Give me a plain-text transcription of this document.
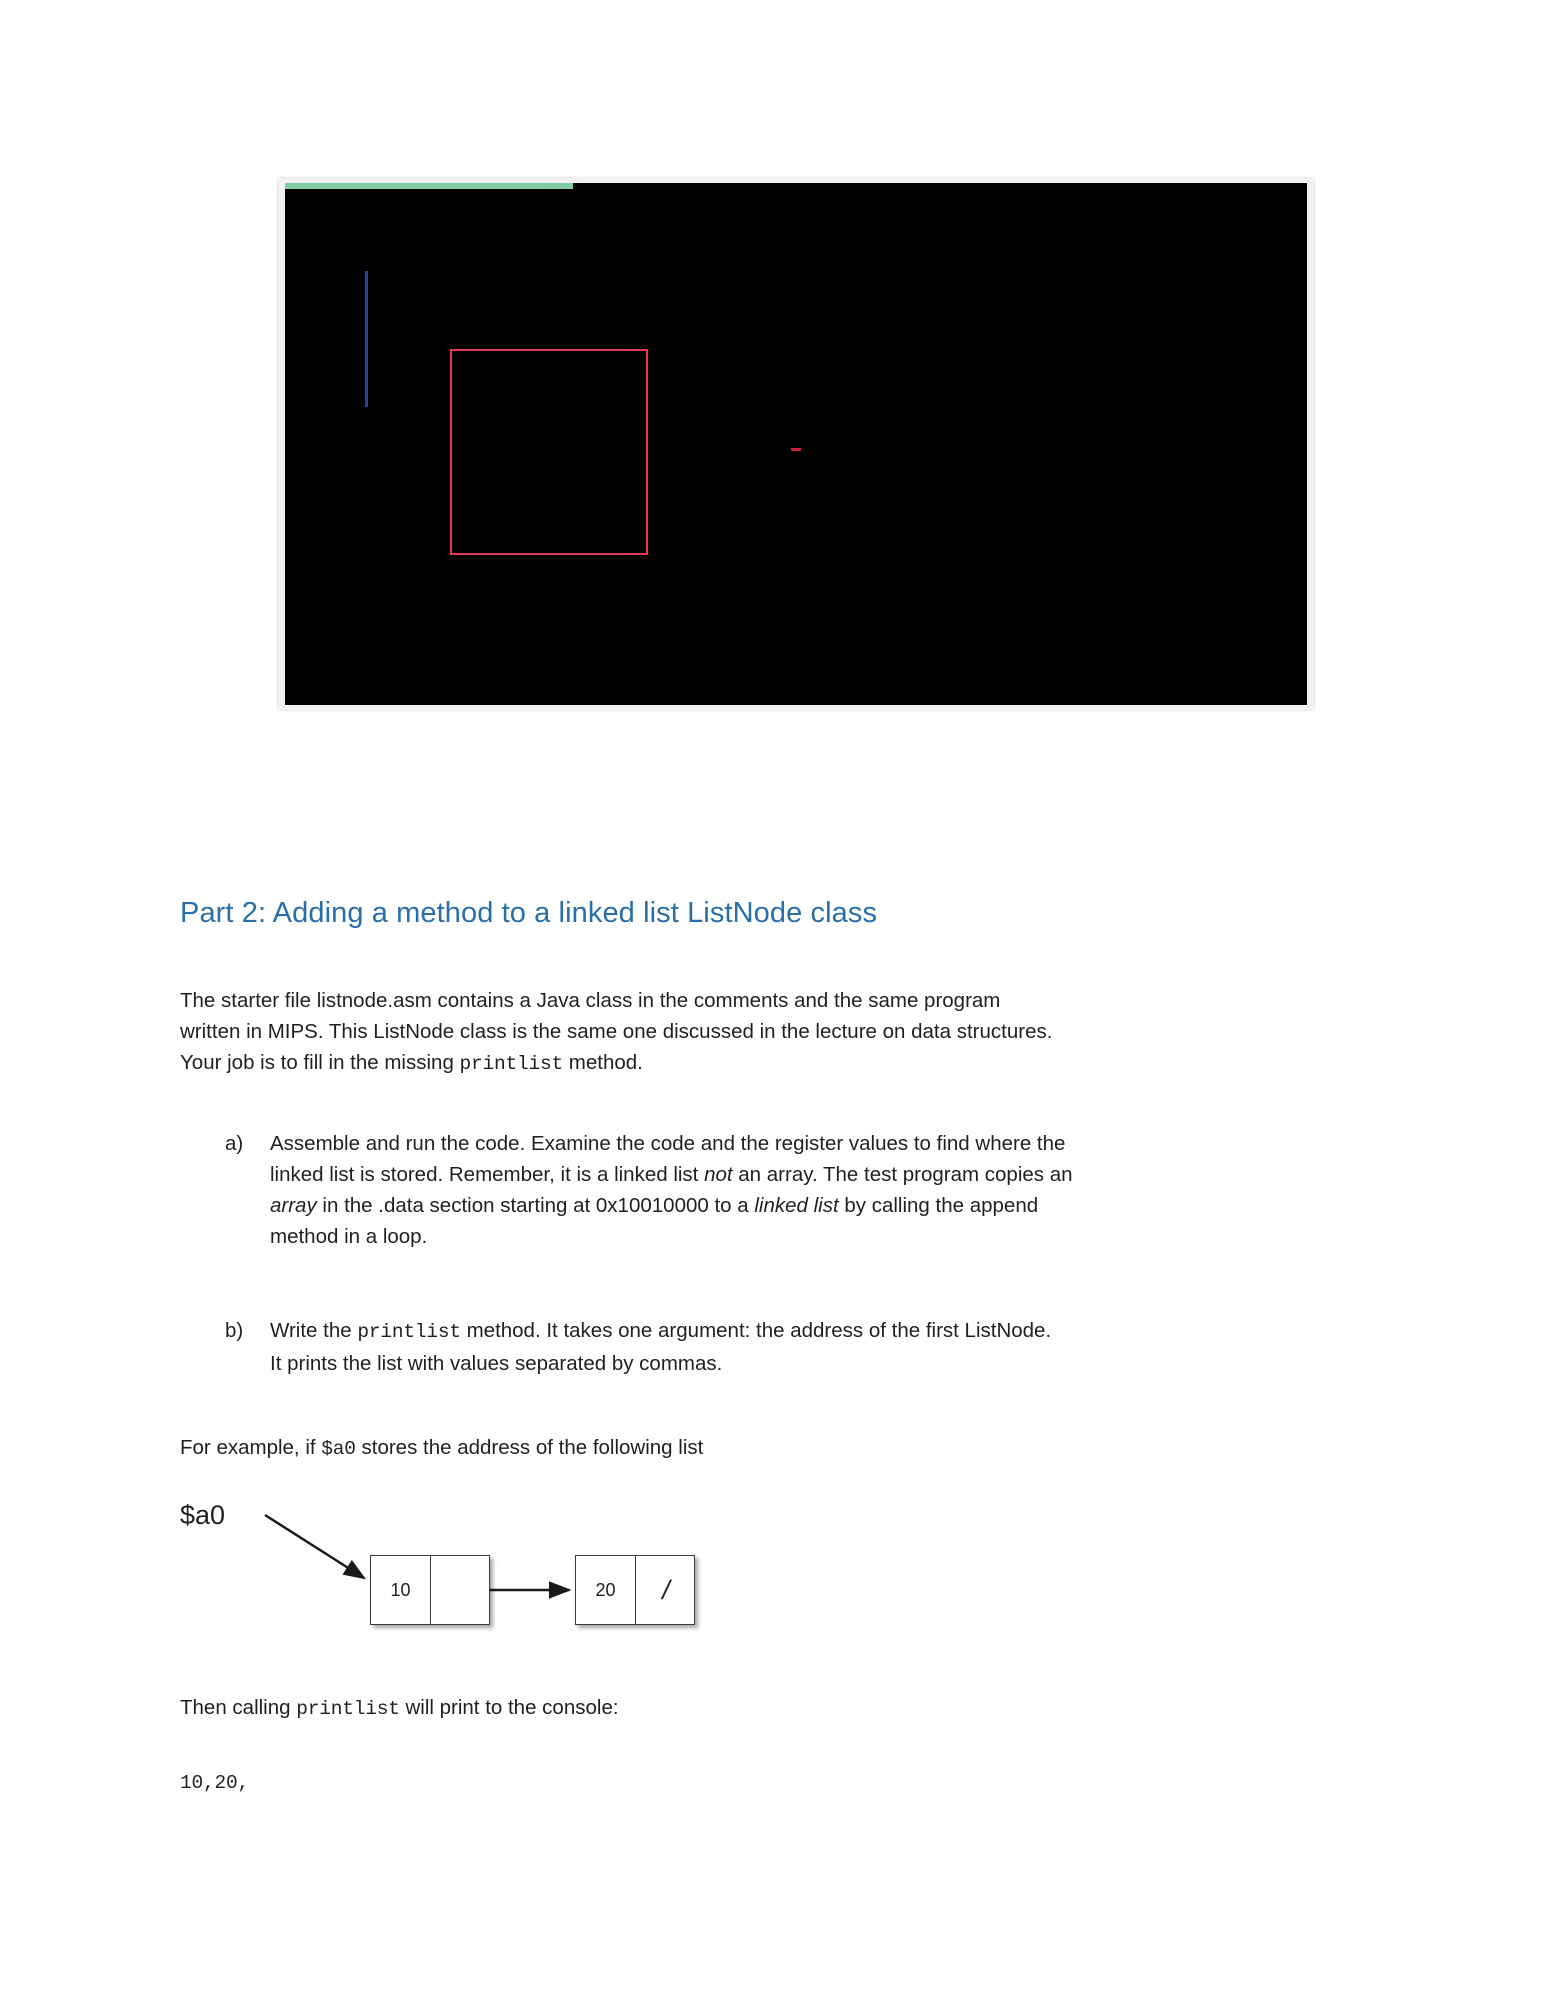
Part 2: Adding a method to a linked list ListNode class
The starter file listnode.asm contains a Java class in the comments and the same program
written in MIPS. This ListNode class is the same one discussed in the lecture on data structures.
Your job is to fill in the missing printlist method.
a)	Assemble and run the code. Examine the code and the register values to find where the
linked list is stored. Remember, it is a linked list not an array. The test program copies an
array in the .data section starting at 0x10010000 to a linked list by calling the append
method in a loop.
b)	Write the printlist method. It takes one argument: the address of the first ListNode.
It prints the list with values separated by commas.
For example, if $a0 stores the address of the following list
$a0
10	20	/
Then calling printlist will print to the console:
10,20,
